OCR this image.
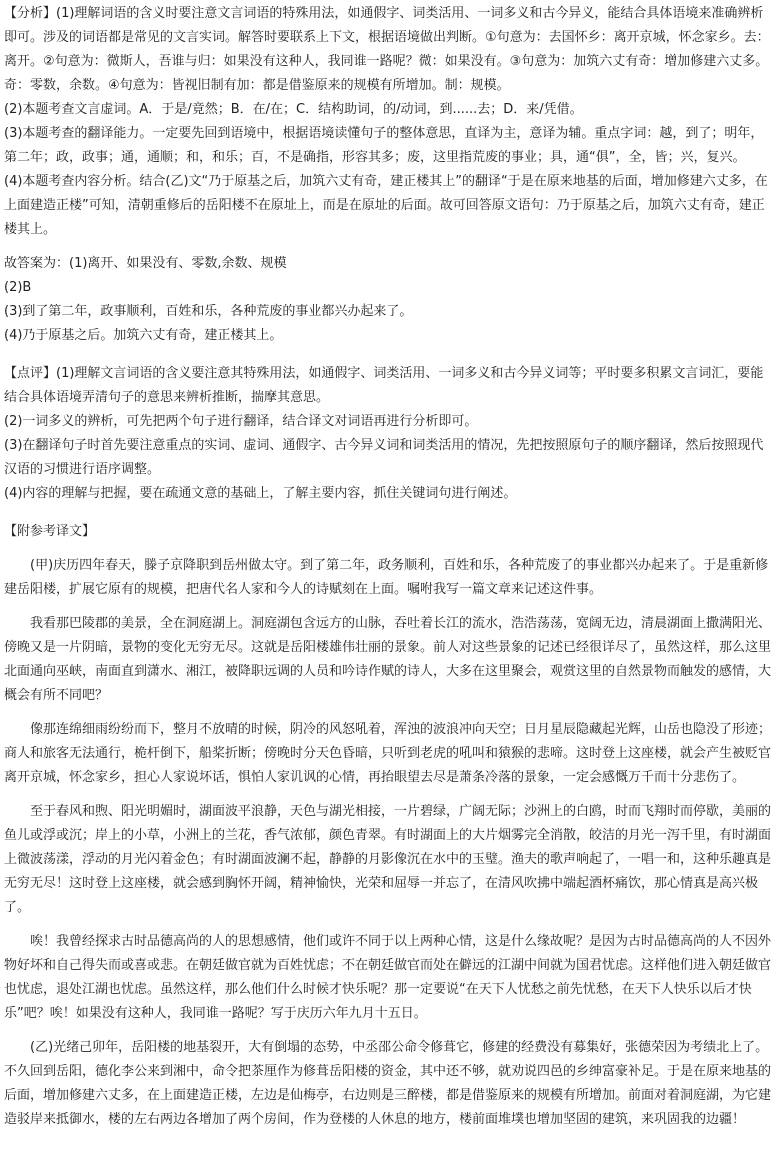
【分析】(1)理解词语的含义时要注意文言词语的特殊用法，如通假字、词类活用、一词多义和古今异义，能结合具体语境来准确辨析即可。涉及的词语都是常见的文言实词。解答时要联系上下文，根据语境做出判断。①句意为：去国怀乡：离开京城，怀念家乡。去：离开。②句意为：微斯人，吾谁与归：如果没有这种人，我同谁一路呢？微：如果没有。③句意为：加筑六丈有奇：增加修建六丈多。奇：零数，余数。④句意为：皆视旧制有加：都是借鉴原来的规模有所增加。制：规模。

(2)本题考查文言虚词。A．于是/竟然；B．在/在；C．结构助词，的/动词，到......去；D．来/凭借。

(3)本题考查的翻译能力。一定要先回到语境中，根据语境读懂句子的整体意思，直译为主，意译为辅。重点字词：越，到了；明年，第二年；政，政事；通，通顺；和，和乐；百，不是确指，形容其多；废，这里指荒废的事业；具，通“俱”，全，皆；兴，复兴。

(4)本题考查内容分析。结合(乙)文“乃于原基之后，加筑六丈有奇，建正楼其上”的翻译“于是在原来地基的后面，增加修建六丈多，在上面建造正楼”可知，清朝重修后的岳阳楼不在原址上，而是在原址的后面。故可回答原文语句：乃于原基之后，加筑六丈有奇，建正楼其上。

故答案为：(1)离开、如果没有、零数,余数、规模

(2)B

(3)到了第二年，政事顺利，百姓和乐，各种荒废的事业都兴办起来了。

(4)乃于原基之后。加筑六丈有奇，建正楼其上。

【点评】(1)理解文言词语的含义要注意其特殊用法，如通假字、词类活用、一词多义和古今异义词等；平时要多积累文言词汇，要能结合具体语境弄清句子的意思来辨析推断，揣摩其意思。

(2)一词多义的辨析，可先把两个句子进行翻译，结合译文对词语再进行分析即可。

(3)在翻译句子时首先要注意重点的实词、虚词、通假字、古今异义词和词类活用的情况，先把按照原句子的顺序翻译，然后按照现代汉语的习惯进行语序调整。

(4)内容的理解与把握，要在疏通文意的基础上，了解主要内容，抓住关键词句进行阐述。

【附参考译文】

(甲)庆历四年春天，滕子京降职到岳州做太守。到了第二年，政务顺利，百姓和乐，各种荒废了的事业都兴办起来了。于是重新修建岳阳楼，扩展它原有的规模，把唐代名人家和今人的诗赋刻在上面。嘱咐我写一篇文章来记述这件事。

我看那巴陵郡的美景，全在洞庭湖上。洞庭湖包含远方的山脉，吞吐着长江的流水，浩浩荡荡，宽阔无边，清晨湖面上撒满阳光、傍晚又是一片阴暗，景物的变化无穷无尽。这就是岳阳楼雄伟壮丽的景象。前人对这些景象的记述已经很详尽了，虽然这样，那么这里北面通向巫峡，南面直到潇水、湘江，被降职远调的人员和吟诗作赋的诗人，大多在这里聚会，观赏这里的自然景物而触发的感情，大概会有所不同吧？

像那连绵细雨纷纷而下，整月不放晴的时候，阴冷的风怒吼着，浑浊的波浪冲向天空；日月星辰隐藏起光辉，山岳也隐没了形迹；商人和旅客无法通行，桅杆倒下，船桨折断；傍晚时分天色昏暗，只听到老虎的吼叫和猿猴的悲啼。这时登上这座楼，就会产生被贬官离开京城，怀念家乡，担心人家说坏话，惧怕人家讥讽的心情，再抬眼望去尽是萧条冷落的景象，一定会感慨万千而十分悲伤了。

至于春风和煦、阳光明媚时，湖面波平浪静，天色与湖光相接，一片碧绿，广阔无际；沙洲上的白鸥，时而飞翔时而停歇，美丽的鱼儿或浮或沉；岸上的小草，小洲上的兰花，香气浓郁，颜色青翠。有时湖面上的大片烟雾完全消散，皎洁的月光一泻千里，有时湖面上微波荡漾，浮动的月光闪着金色；有时湖面波澜不起，静静的月影像沉在水中的玉璧。渔夫的歌声响起了，一唱一和，这种乐趣真是无穷无尽！这时登上这座楼，就会感到胸怀开阔，精神愉快，光荣和屈辱一并忘了，在清风吹拂中端起酒杯痛饮，那心情真是高兴极了。

唉！我曾经探求古时品德高尚的人的思想感情，他们或许不同于以上两种心情，这是什么缘故呢？是因为古时品德高尚的人不因外物好坏和自己得失而或喜或悲。在朝廷做官就为百姓忧虑；不在朝廷做官而处在僻远的江湖中间就为国君忧虑。这样他们进入朝廷做官也忧虑，退处江湖也忧虑。虽然这样，那么他们什么时候才快乐呢？那一定要说“在天下人忧愁之前先忧愁，在天下人快乐以后才快乐”吧？唉！如果没有这种人，我同谁一路呢？写于庆历六年九月十五日。

(乙)光绪己卯年，岳阳楼的地基裂开，大有倒塌的态势，中丞邵公命令修葺它，修建的经费没有募集好，张德荣因为考绩北上了。不久回到岳阳，德化李公来到湘中，命令把茶厘作为修葺岳阳楼的资金，其中还不够，就劝说四邑的乡绅富豪补足。于是在原来地基的后面，增加修建六丈多，在上面建造正楼，左边是仙梅亭，右边则是三醉楼，都是借鉴原来的规模有所增加。前面对着洞庭湖，为它建造驳岸来抵御水，楼的左右两边各增加了两个房间，作为登楼的人休息的地方，楼前面堆墣也增加坚固的建筑，来巩固我的边疆！
